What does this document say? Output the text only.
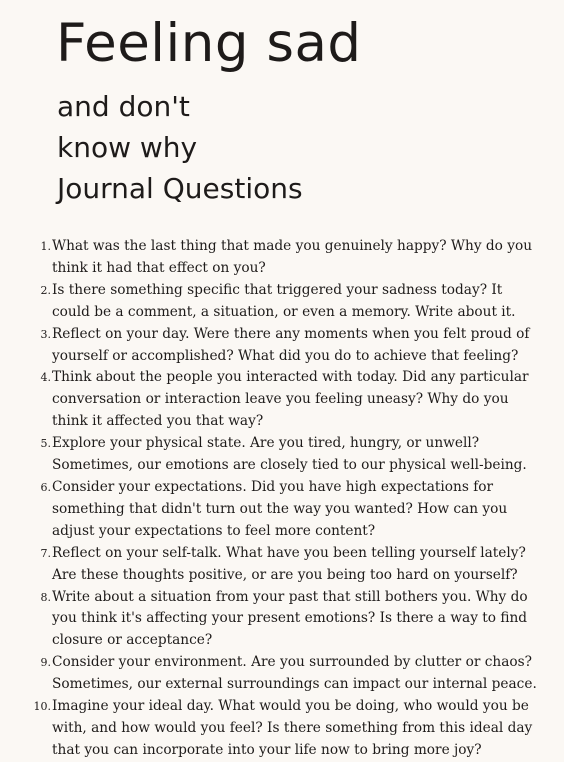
Feeling sad
and don't
know why
Journal Questions
1. What was the last thing that made you genuinely happy? Why do you think it had that effect on you?
2. Is there something specific that triggered your sadness today? It could be a comment, a situation, or even a memory. Write about it.
3. Reflect on your day. Were there any moments when you felt proud of yourself or accomplished? What did you do to achieve that feeling?
4. Think about the people you interacted with today. Did any particular conversation or interaction leave you feeling uneasy? Why do you think it affected you that way?
5. Explore your physical state. Are you tired, hungry, or unwell? Sometimes, our emotions are closely tied to our physical well-being.
6. Consider your expectations. Did you have high expectations for something that didn't turn out the way you wanted? How can you adjust your expectations to feel more content?
7. Reflect on your self-talk. What have you been telling yourself lately? Are these thoughts positive, or are you being too hard on yourself?
8. Write about a situation from your past that still bothers you. Why do you think it's affecting your present emotions? Is there a way to find closure or acceptance?
9. Consider your environment. Are you surrounded by clutter or chaos? Sometimes, our external surroundings can impact our internal peace.
10. Imagine your ideal day. What would you be doing, who would you be with, and how would you feel? Is there something from this ideal day that you can incorporate into your life now to bring more joy?
